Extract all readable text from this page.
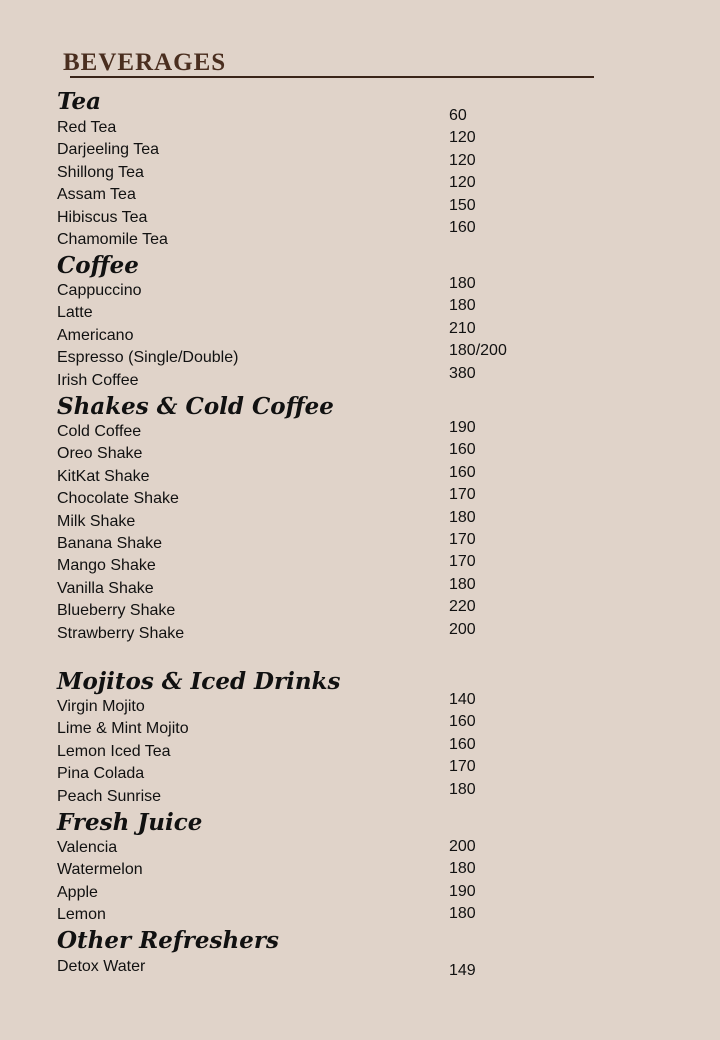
BEVERAGES
Tea
Red Tea
Darjeeling Tea
Shillong Tea
Assam Tea
Hibiscus Tea
Chamomile Tea
60
120
120
120
150
160
Coffee
Cappuccino
Latte
Americano
Espresso (Single/Double)
Irish Coffee
180
180
210
180/200
380
Shakes & Cold Coffee
Cold Coffee
Oreo Shake
KitKat Shake
Chocolate Shake
Milk Shake
Banana Shake
Mango Shake
Vanilla Shake
Blueberry Shake
Strawberry Shake
190
160
160
170
180
170
170
180
220
200
Mojitos & Iced Drinks
Virgin Mojito
Lime & Mint Mojito
Lemon Iced Tea
Pina Colada
Peach Sunrise
140
160
160
170
180
Fresh Juice
Valencia
Watermelon
Apple
Lemon
200
180
190
180
Other Refreshers
Detox Water	149
